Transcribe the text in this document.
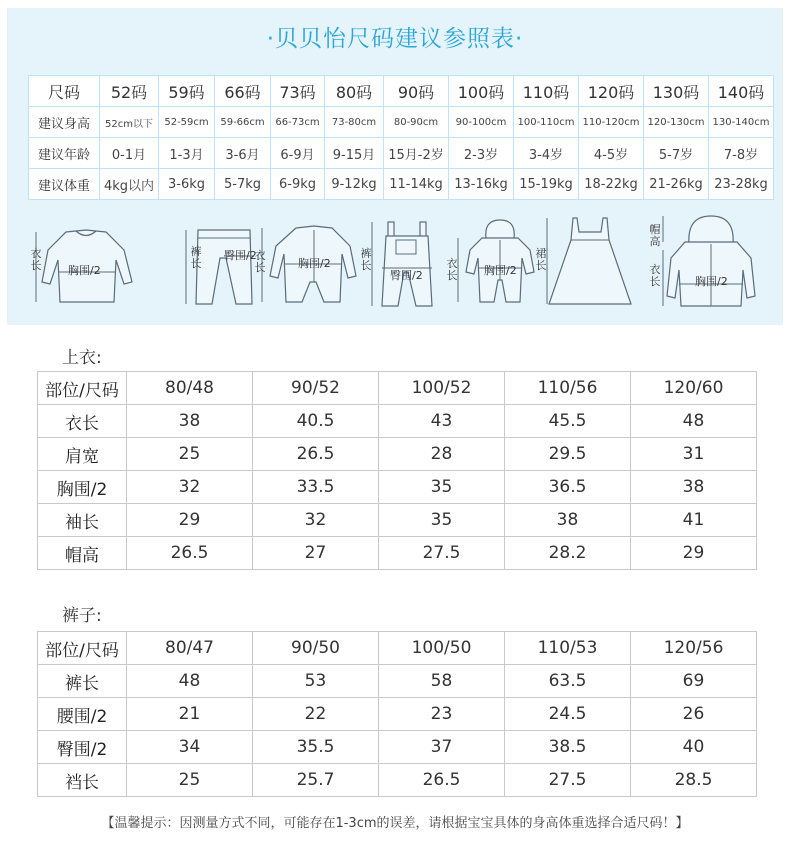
·贝贝怡尺码建议参照表·
尺码	52码	59码	66码	73码	80码	90码	100码	110码	120码	130码	140码
建议身高	52cm以下	52-59cm	59-66cm	66-73cm	73-80cm	80-90cm	90-100cm	100-110cm	110-120cm	120-130cm	130-140cm
建议年龄	0-1月	1-3月	3-6月	6-9月	9-15月	15月-2岁	2-3岁	3-4岁	4-5岁	5-7岁	7-8岁
建议体重	4kg以内	3-6kg	5-7kg	6-9kg	9-12kg	11-14kg	13-16kg	15-19kg	18-22kg	21-26kg	23-28kg
衣长 胸围/2
裤长
臀围/2
衣长	胸围/2
裤长
臀围/2
衣长 胸围/2
裙长
帽高
衣长	胸围/2
上衣:
部位/尺码	80/48	90/52	100/52	110/56	120/60
衣长	38	40.5	43	45.5	48
肩宽	25	26.5	28	29.5	31
胸围/2	32	33.5	35	36.5	38
袖长	29	32	35	38	41
帽高	26.5	27	27.5	28.2	29
裤子:
部位/尺码	80/47	90/50	100/50	110/53	120/56
裤长	48	53	58	63.5	69
腰围/2	21	22	23	24.5	26
臀围/2	34	35.5	37	38.5	40
裆长	25	25.7	26.5	27.5	28.5
【温馨提示：因测量方式不同，可能存在1-3cm的误差，请根据宝宝具体的身高体重选择合适尺码！】
